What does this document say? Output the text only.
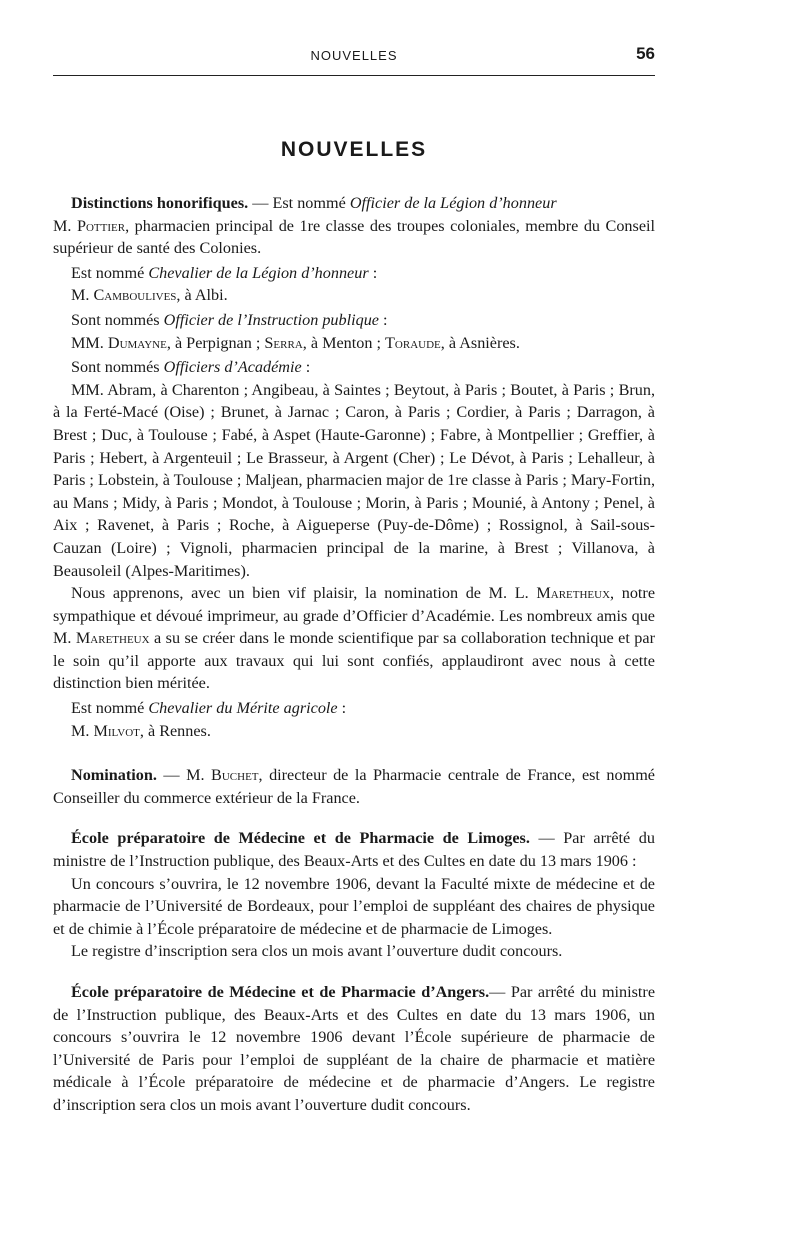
NOUVELLES	56
NOUVELLES

Distinctions honorifiques. — Est nommé Officier de la Légion d’honneur

M. Pottier, pharmacien principal de 1re classe des troupes coloniales, membre du Conseil supérieur de santé des Colonies.

Est nommé Chevalier de la Légion d’honneur :

M. Camboulives, à Albi.

Sont nommés Officier de l’Instruction publique :

MM. Dumayne, à Perpignan ; Serra, à Menton ; Toraude, à Asnières.

Sont nommés Officiers d’Académie :

MM. Abram, à Charenton ; Angibeau, à Saintes ; Beytout, à Paris ; Boutet, à Paris ; Brun, à la Ferté-Macé (Oise) ; Brunet, à Jarnac ; Caron, à Paris ; Cordier, à Paris ; Darragon, à Brest ; Duc, à Toulouse ; Fabé, à Aspet (Haute-Garonne) ; Fabre, à Montpellier ; Greffier, à Paris ; Hebert, à Argenteuil ; Le Brasseur, à Argent (Cher) ; Le Dévot, à Paris ; Lehalleur, à Paris ; Lobstein, à Toulouse ; Maljean, pharmacien major de 1re classe à Paris ; Mary-Fortin, au Mans ; Midy, à Paris ; Mondot, à Toulouse ; Morin, à Paris ; Mounié, à Antony ; Penel, à Aix ; Ravenet, à Paris ; Roche, à Aigueperse (Puy-de-Dôme) ; Rossignol, à Sail-sous-Cauzan (Loire) ; Vignoli, pharmacien principal de la marine, à Brest ; Villanova, à Beausoleil (Alpes-Maritimes).

Nous apprenons, avec un bien vif plaisir, la nomination de M. L. Maretheux, notre sympathique et dévoué imprimeur, au grade d’Officier d’Académie. Les nombreux amis que M. Maretheux a su se créer dans le monde scientifique par sa collaboration technique et par le soin qu’il apporte aux travaux qui lui sont confiés, applaudiront avec nous à cette distinction bien méritée.

Est nommé Chevalier du Mérite agricole :

M. Milvot, à Rennes.

Nomination. — M. Buchet, directeur de la Pharmacie centrale de France, est nommé Conseiller du commerce extérieur de la France.

École préparatoire de Médecine et de Pharmacie de Limoges. — Par arrêté du ministre de l’Instruction publique, des Beaux-Arts et des Cultes en date du 13 mars 1906 :

Un concours s’ouvrira, le 12 novembre 1906, devant la Faculté mixte de médecine et de pharmacie de l’Université de Bordeaux, pour l’emploi de suppléant des chaires de physique et de chimie à l’École préparatoire de médecine et de pharmacie de Limoges.

Le registre d’inscription sera clos un mois avant l’ouverture dudit concours.

École préparatoire de Médecine et de Pharmacie d’Angers.— Par arrêté du ministre de l’Instruction publique, des Beaux-Arts et des Cultes en date du 13 mars 1906, un concours s’ouvrira le 12 novembre 1906 devant l’École supérieure de pharmacie de l’Université de Paris pour l’emploi de suppléant de la chaire de pharmacie et matière médicale à l’École préparatoire de médecine et de pharmacie d’Angers. Le registre d’inscription sera clos un mois avant l’ouverture dudit concours.
